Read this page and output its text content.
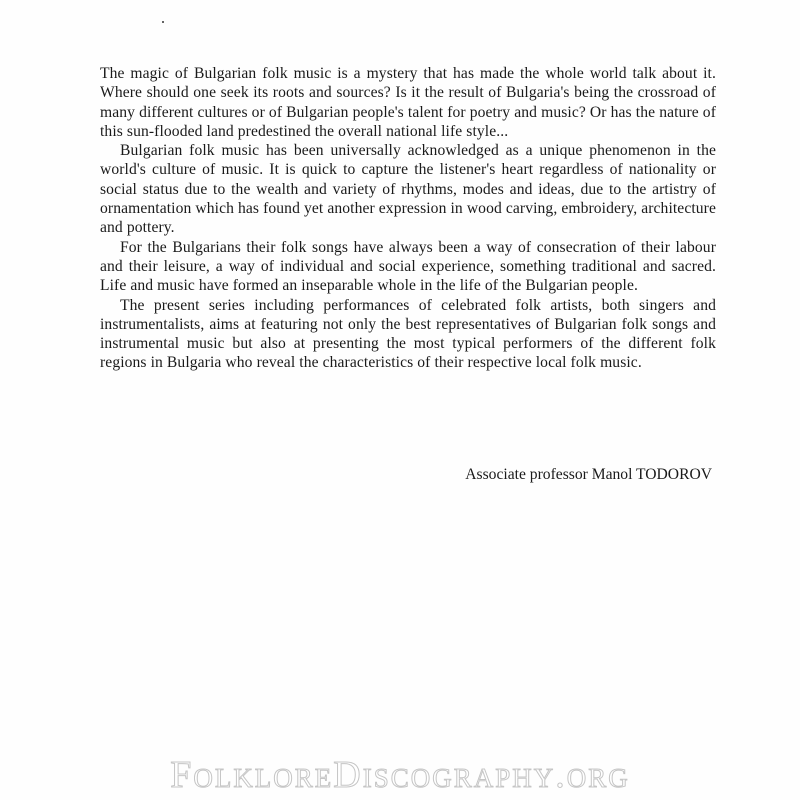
The magic of Bulgarian folk music is a mystery that has made the whole world talk about it. Where should one seek its roots and sources? Is it the result of Bulgaria's being the crossroad of many different cultures or of Bulgarian people's talent for poetry and music? Or has the nature of this sun-flooded land predestined the overall national life style...

Bulgarian folk music has been universally acknowledged as a unique phenomenon in the world's culture of music. It is quick to capture the listener's heart regardless of nationality or social status due to the wealth and variety of rhythms, modes and ideas, due to the artistry of ornamentation which has found yet another expression in wood carving, embroidery, architecture and pottery.

For the Bulgarians their folk songs have always been a way of consecration of their labour and their leisure, a way of individual and social experience, something traditional and sacred. Life and music have formed an inseparable whole in the life of the Bulgarian people.

The present series including performances of celebrated folk artists, both singers and instrumentalists, aims at featuring not only the best representatives of Bulgarian folk songs and instrumental music but also at presenting the most typical performers of the different folk regions in Bulgaria who reveal the characteristics of their respective local folk music.

Associate professor Manol TODOROV
FolkloreDiscography.org
